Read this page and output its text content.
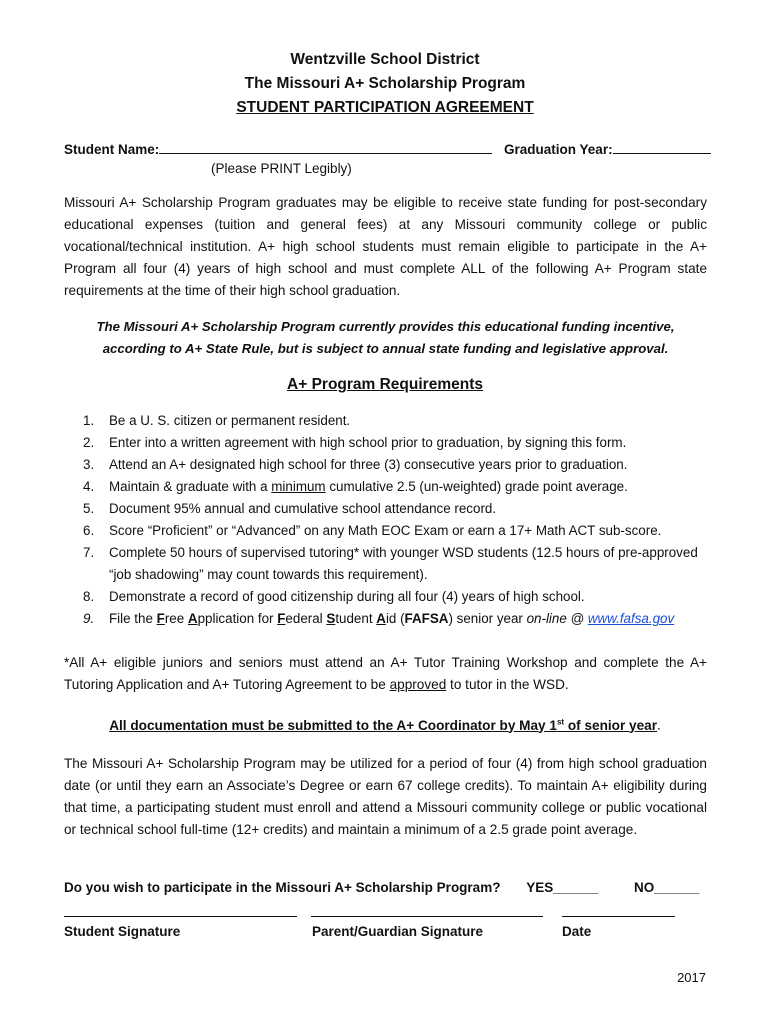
Wentzville School District
The Missouri A+ Scholarship Program
STUDENT PARTICIPATION AGREEMENT
Student Name:	Graduation Year:
(Please PRINT Legibly)
Missouri A+ Scholarship Program graduates may be eligible to receive state funding for post-secondary educational expenses (tuition and general fees) at any Missouri community college or public vocational/technical institution. A+ high school students must remain eligible to participate in the A+ Program all four (4) years of high school and must complete ALL of the following A+ Program state requirements at the time of their high school graduation.
The Missouri A+ Scholarship Program currently provides this educational funding incentive, according to A+ State Rule, but is subject to annual state funding and legislative approval.
A+ Program Requirements
1. Be a U. S. citizen or permanent resident.
2. Enter into a written agreement with high school prior to graduation, by signing this form.
3. Attend an A+ designated high school for three (3) consecutive years prior to graduation.
4. Maintain & graduate with a minimum cumulative 2.5 (un-weighted) grade point average.
5. Document 95% annual and cumulative school attendance record.
6. Score “Proficient” or “Advanced” on any Math EOC Exam or earn a 17+ Math ACT sub-score.
7. Complete 50 hours of supervised tutoring* with younger WSD students (12.5 hours of pre-approved “job shadowing” may count towards this requirement).
8. Demonstrate a record of good citizenship during all four (4) years of high school.
9. File the Free Application for Federal Student Aid (FAFSA) senior year on-line @ www.fafsa.gov
*All A+ eligible juniors and seniors must attend an A+ Tutor Training Workshop and complete the A+ Tutoring Application and A+ Tutoring Agreement to be approved to tutor in the WSD.
All documentation must be submitted to the A+ Coordinator by May 1st of senior year.
The Missouri A+ Scholarship Program may be utilized for a period of four (4) from high school graduation date (or until they earn an Associate’s Degree or earn 67 college credits). To maintain A+ eligibility during that time, a participating student must enroll and attend a Missouri community college or public vocational or technical school full-time (12+ credits) and maintain a minimum of a 2.5 grade point average.
Do you wish to participate in the Missouri A+ Scholarship Program? YES______	NO______
Student Signature	Parent/Guardian Signature	Date
2017
